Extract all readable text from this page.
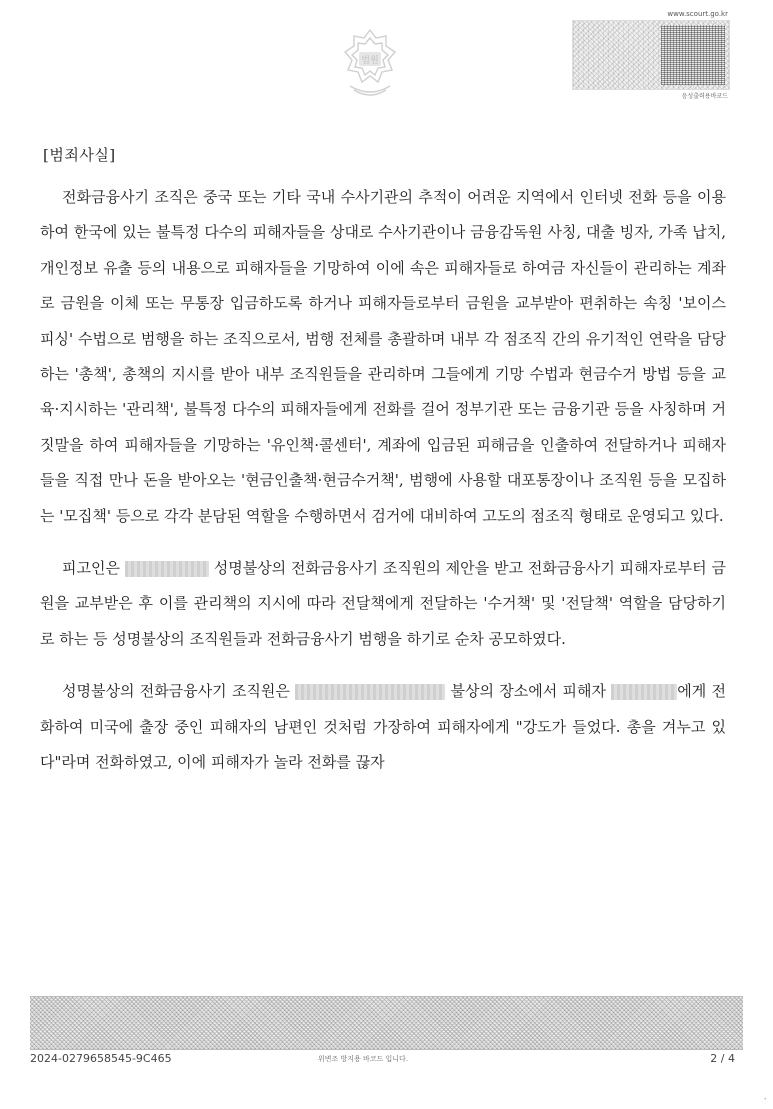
법원
www.scourt.go.kr
음성출력용바코드
[범죄사실]

전화금융사기 조직은 중국 또는 기타 국내 수사기관의 추적이 어려운 지역에서 인터넷 전화 등을 이용하여 한국에 있는 불특정 다수의 피해자들을 상대로 수사기관이나 금융감독원 사칭, 대출 빙자, 가족 납치, 개인정보 유출 등의 내용으로 피해자들을 기망하여 이에 속은 피해자들로 하여금 자신들이 관리하는 계좌로 금원을 이체 또는 무통장 입금하도록 하거나 피해자들로부터 금원을 교부받아 편취하는 속칭 '보이스 피싱' 수법으로 범행을 하는 조직으로서, 범행 전체를 총괄하며 내부 각 점조직 간의 유기적인 연락을 담당하는 '총책', 총책의 지시를 받아 내부 조직원들을 관리하며 그들에게 기망 수법과 현금수거 방법 등을 교육·지시하는 '관리책', 불특정 다수의 피해자들에게 전화를 걸어 정부기관 또는 금융기관 등을 사칭하며 거짓말을 하여 피해자들을 기망하는 '유인책·콜센터', 계좌에 입금된 피해금을 인출하여 전달하거나 피해자들을 직접 만나 돈을 받아오는 '현금인출책·현금수거책', 범행에 사용할 대포통장이나 조직원 등을 모집하는 '모집책' 등으로 각각 분담된 역할을 수행하면서 검거에 대비하여 고도의 점조직 형태로 운영되고 있다.

피고인은	성명불상의 전화금융사기 조직원의 제안을 받고 전화금융사기 피해자로부터 금원을 교부받은 후 이를 관리책의 지시에 따라 전달책에게 전달하는 '수거책' 및 '전달책' 역할을 담당하기로 하는 등 성명불상의 조직원들과 전화금융사기 범행을 하기로 순차 공모하였다.

성명불상의 전화금융사기 조직원은	불상의 장소에서 피해자	에게 전화하여 미국에 출장 중인 피해자의 남편인 것처럼 가장하여 피해자에게 "강도가 들었다. 총을 겨누고 있다"라며 전화하였고, 이에 피해자가 놀라 전화를 끊자

2024-0279658545-9C465	위변조 방지용 바코드 입니다.	2 / 4
•
